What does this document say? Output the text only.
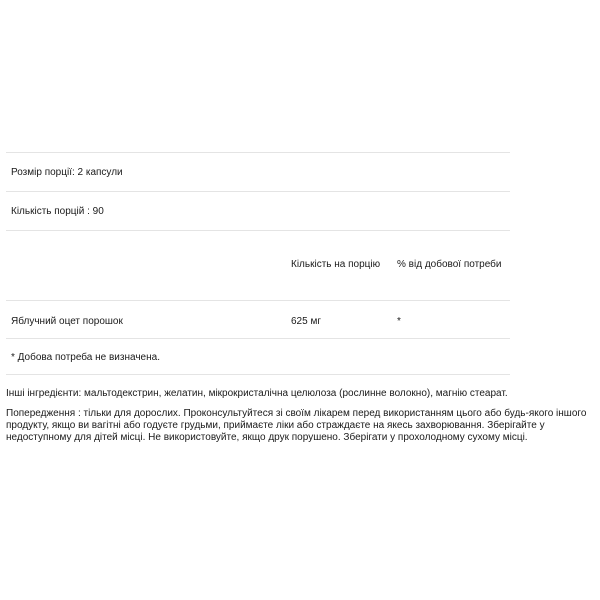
Розмір порції: 2 капсули
Кількість порцій : 90
Кількість на порцію % від добової потреби
Яблучний оцет порошок	625 мг	*
* Добова потреба не визначена.

Інші інгредієнти: мальтодекстрин, желатин, мікрокристалічна целюлоза (рослинне волокно), магнію стеарат.

Попередження : тільки для дорослих. Проконсультуйтеся зі своїм лікарем перед використанням цього або будь-якого іншого продукту, якщо ви вагітні або годуєте грудьми, приймаєте ліки або страждаєте на якесь захворювання. Зберігайте у недоступному для дітей місці. Не використовуйте, якщо друк порушено. Зберігати у прохолодному сухому місці.
